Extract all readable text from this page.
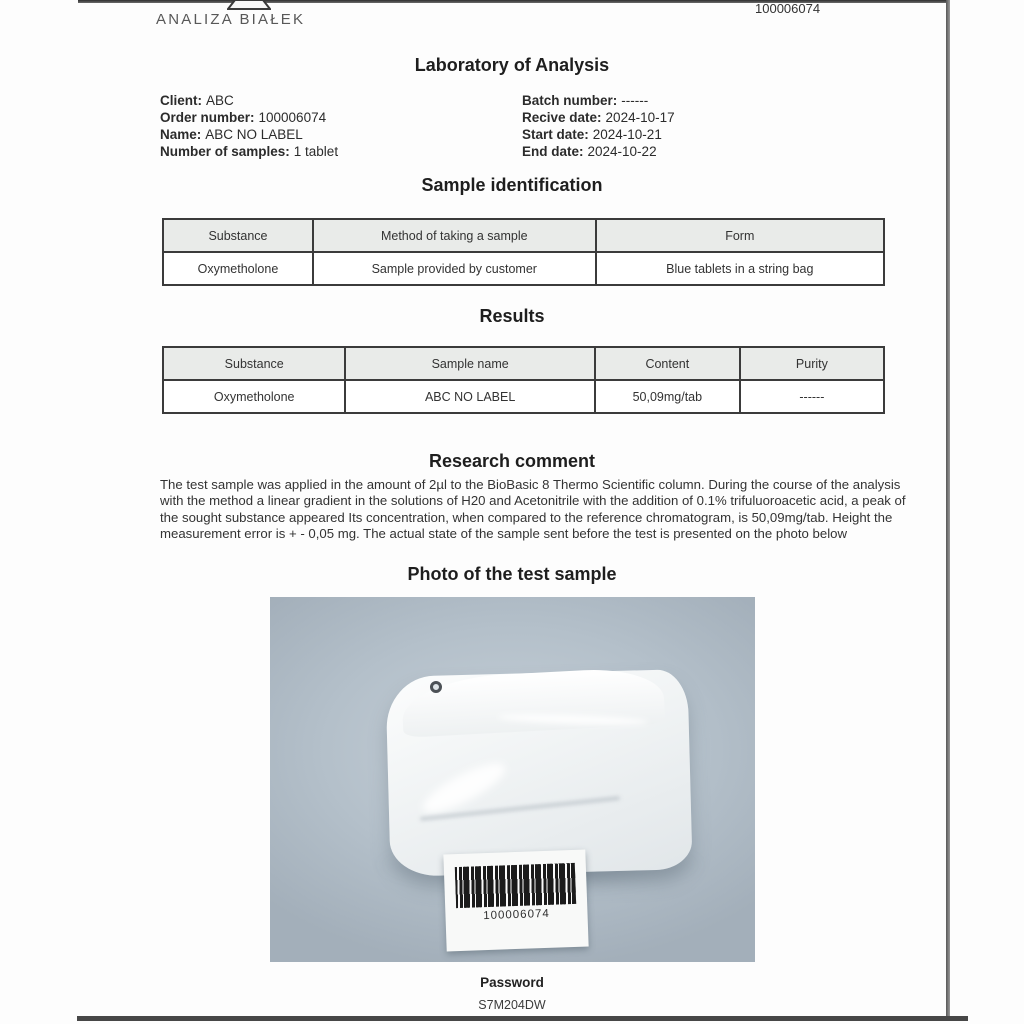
ANALIZA BIAŁEK
100006074
Laboratory of Analysis
Client: ABC
Order number: 100006074
Name: ABC NO LABEL
Number of samples: 1 tablet
Batch number: ------
Recive date: 2024-10-17
Start date: 2024-10-21
End date: 2024-10-22
Sample identification
Substance	Method of taking a sample	Form
Oxymetholone	Sample provided by customer	Blue tablets in a string bag
Results
Substance	Sample name	Content	Purity
Oxymetholone	ABC NO LABEL	50,09mg/tab	------
Research comment
The test sample was applied in the amount of 2µl to the BioBasic 8 Thermo Scientific column. During the course of the analysis with the method a linear gradient in the solutions of H20 and Acetonitrile with the addition of 0.1% trifuluoroacetic acid, a peak of the sought substance appeared Its concentration, when compared to the reference chromatogram, is 50,09mg/tab. Height the measurement error is + - 0,05 mg. The actual state of the sample sent before the test is presented on the photo below
Photo of the test sample
100006074
Password
S7M204DW
